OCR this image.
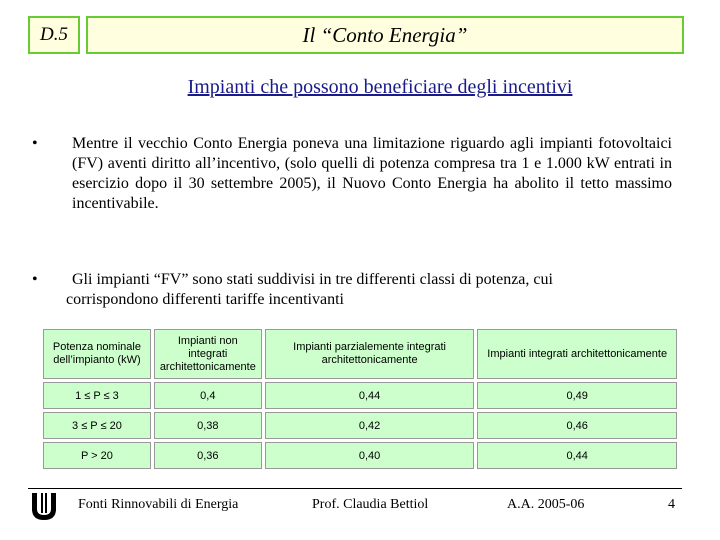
D.5	Il “Conto Energia”
Impianti che possono beneficiare degli incentivi
• Mentre il vecchio Conto Energia poneva una limitazione riguardo agli impianti fotovoltaici (FV) aventi diritto all’incentivo, (solo quelli di potenza compresa tra 1 e 1.000 kW entrati in esercizio dopo il 30 settembre 2005), il Nuovo Conto Energia ha abolito il tetto massimo incentivabile.
• Gli impianti “FV” sono stati suddivisi in tre differenti classi di potenza, cui
corrispondono differenti tariffe incentivanti
Potenza nominale dell’impianto (kW)	Impianti non integrati architettonicamente	Impianti parzialemente integrati architettonicamente	Impianti integrati architettonicamente
1 ≤ P ≤ 3	0,4	0,44	0,49
3 ≤ P ≤ 20	0,38	0,42	0,46
P > 20	0,36	0,40	0,44
Fonti Rinnovabili di Energia	Prof. Claudia Bettiol	A.A. 2005-06	4
